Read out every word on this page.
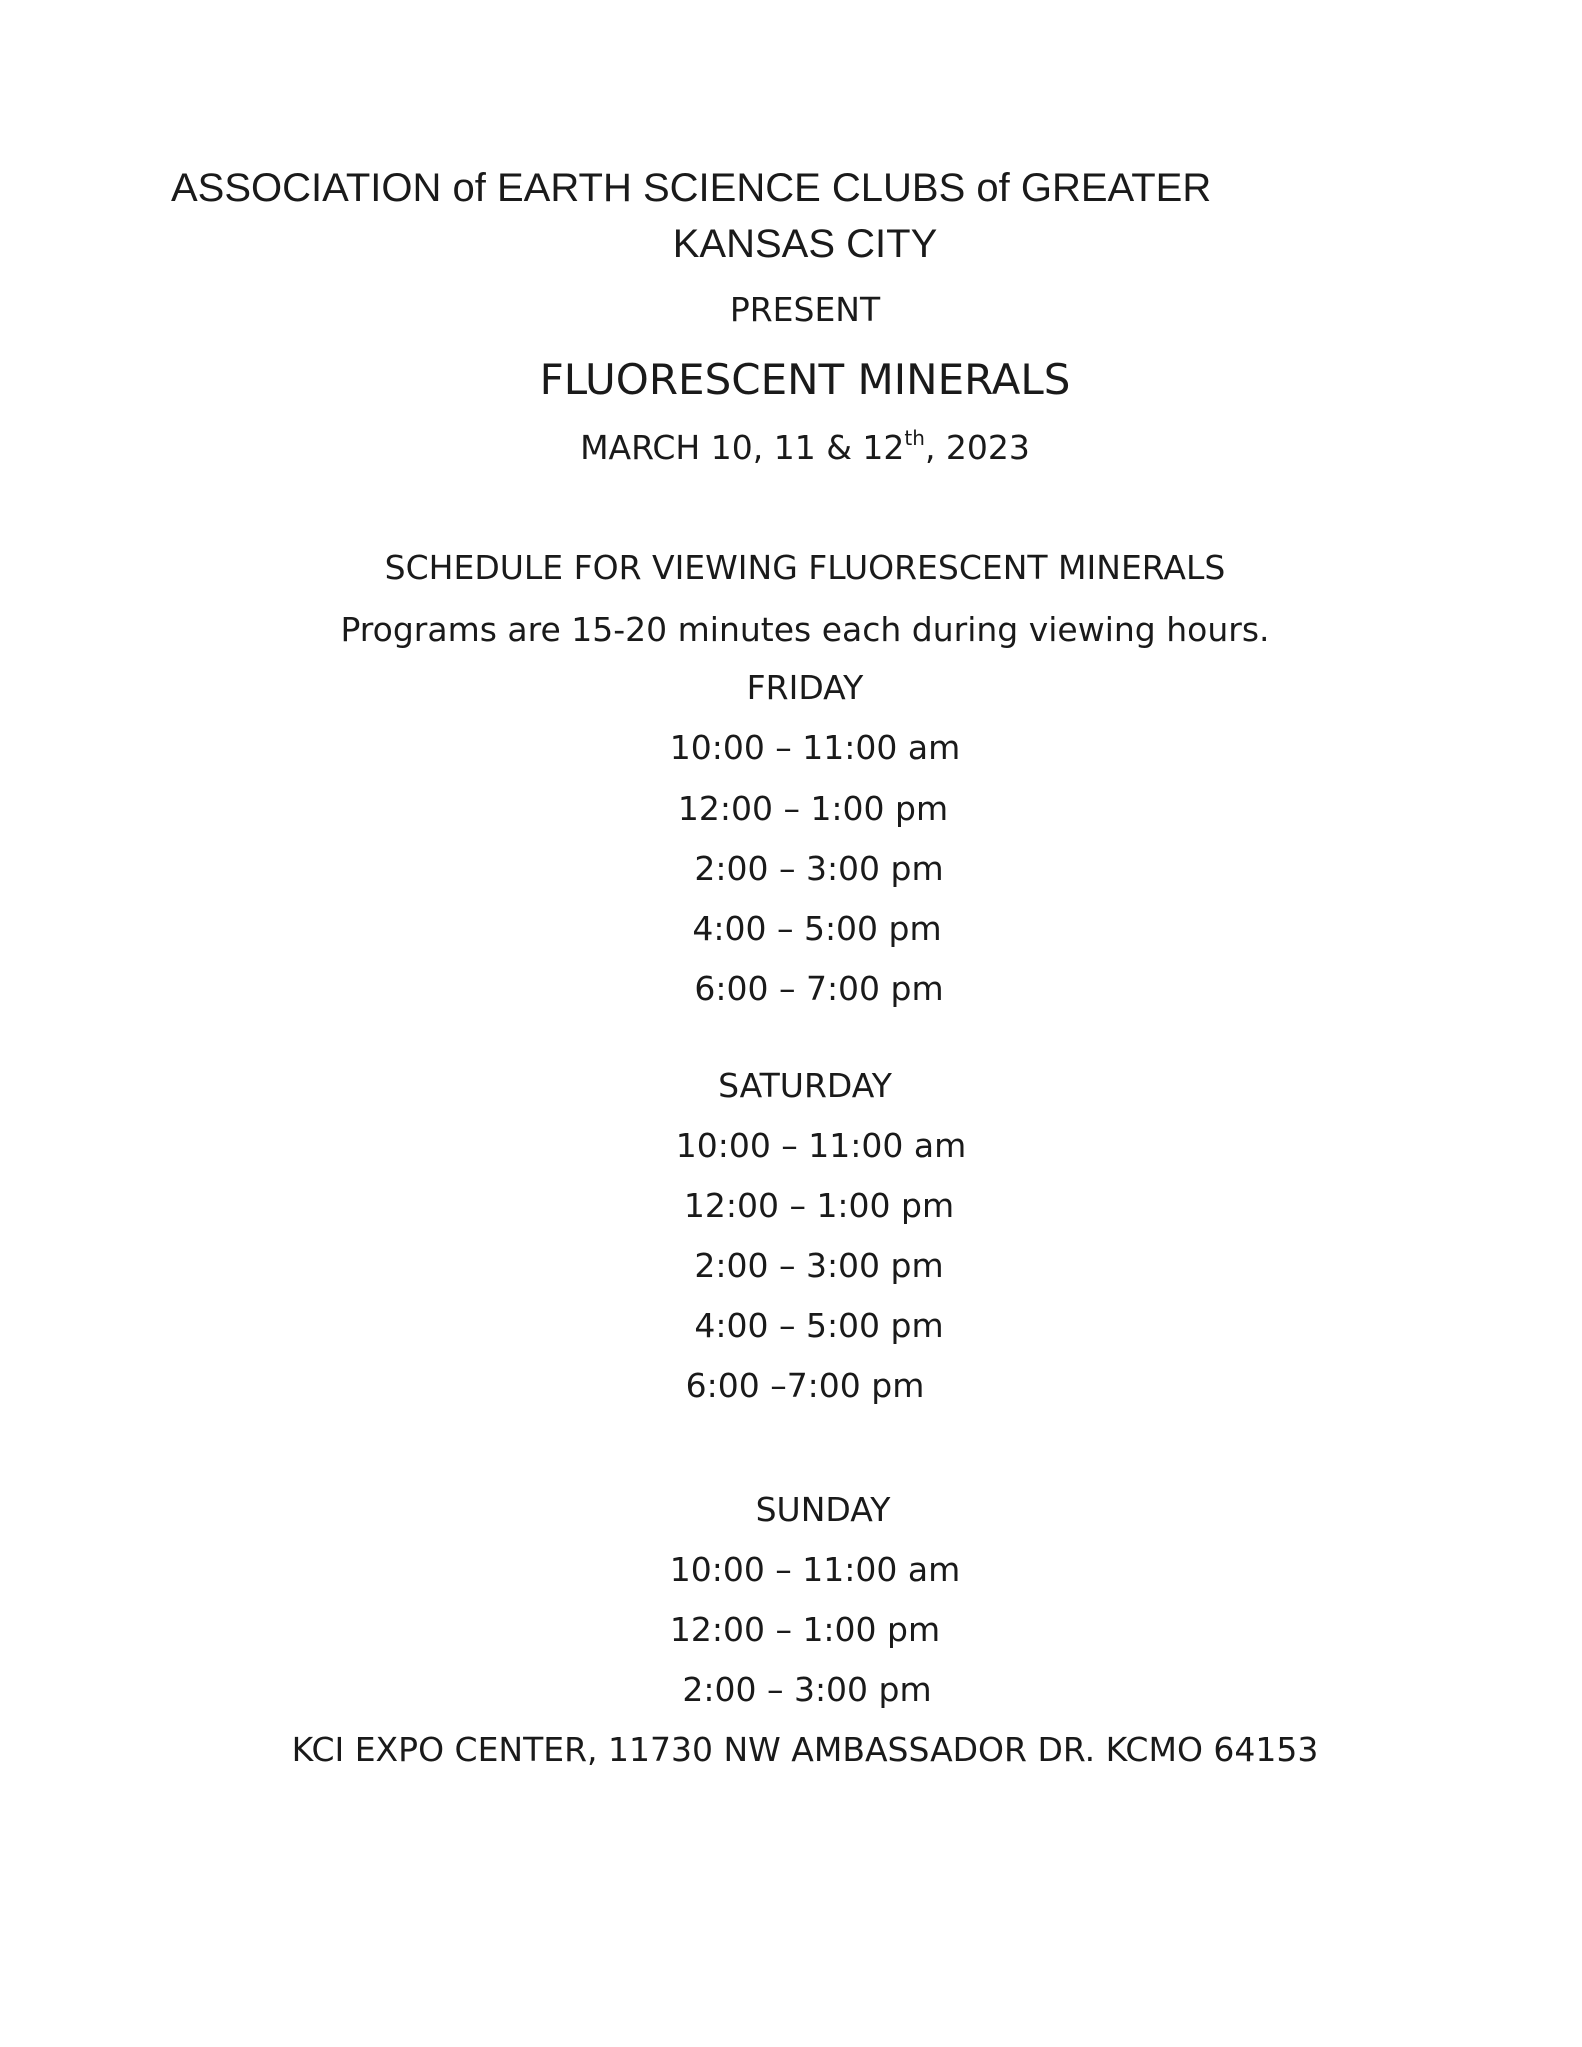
ASSOCIATION of EARTH SCIENCE CLUBS of GREATER
KANSAS CITY
PRESENT
FLUORESCENT MINERALS
MARCH 10, 11 & 12th, 2023
SCHEDULE FOR VIEWING FLUORESCENT MINERALS
Programs are 15-20 minutes each during viewing hours.
FRIDAY
10:00 – 11:00 am
12:00 – 1:00 pm
2:00 – 3:00 pm
4:00 – 5:00 pm
6:00 – 7:00 pm
SATURDAY
10:00 – 11:00 am
12:00 – 1:00 pm
2:00 – 3:00 pm
4:00 – 5:00 pm
6:00 –7:00 pm
SUNDAY
10:00 – 11:00 am
12:00 – 1:00 pm
2:00 – 3:00 pm
KCI EXPO CENTER, 11730 NW AMBASSADOR DR. KCMO 64153
